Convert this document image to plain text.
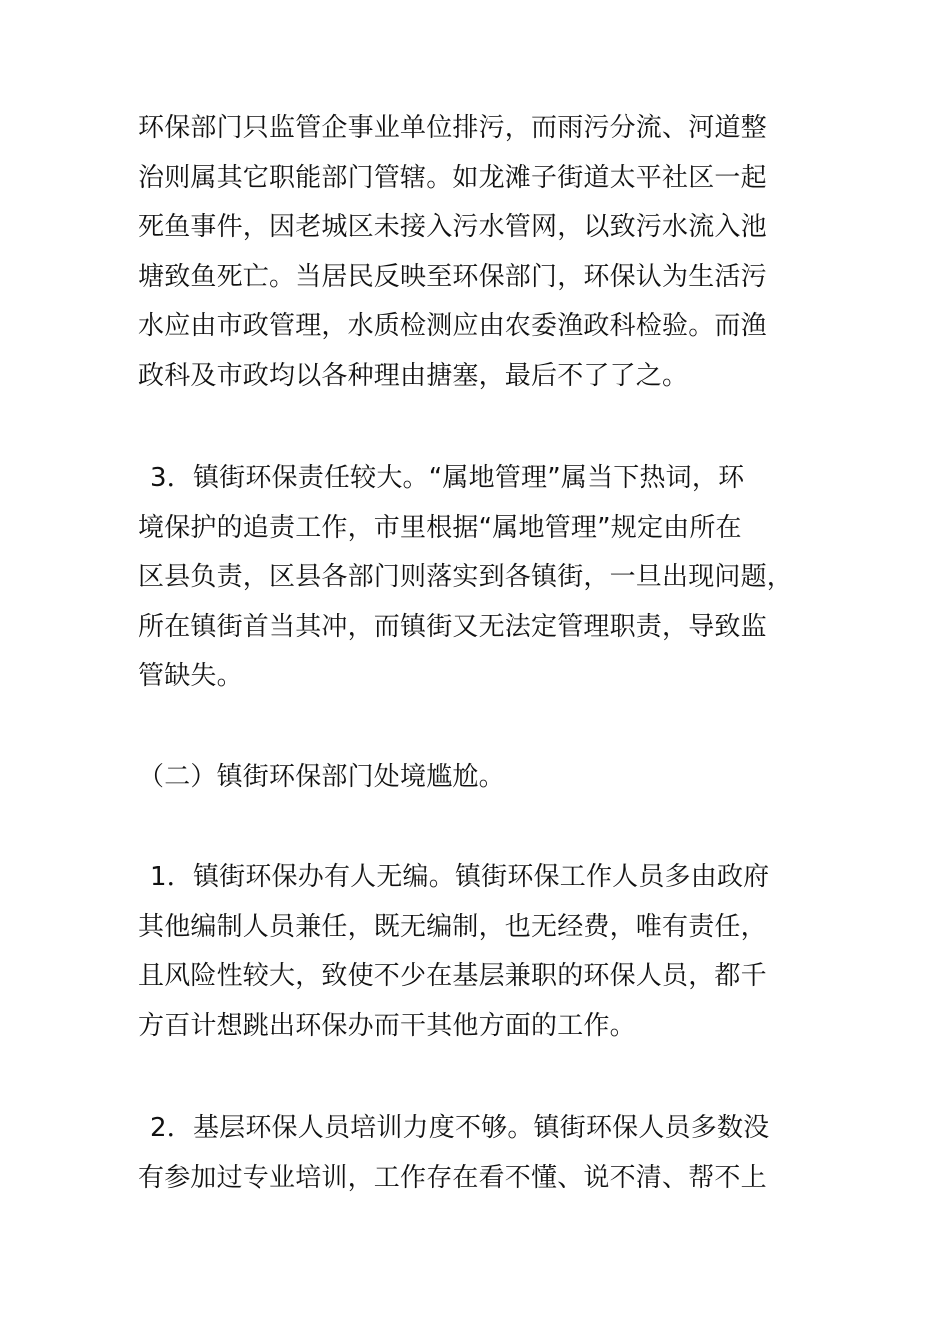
环保部门只监管企事业单位排污，而雨污分流、河道整
治则属其它职能部门管辖。如龙滩子街道太平社区一起
死鱼事件，因老城区未接入污水管网，以致污水流入池
塘致鱼死亡。当居民反映至环保部门，环保认为生活污
水应由市政管理，水质检测应由农委渔政科检验。而渔
政科及市政均以各种理由搪塞，最后不了了之。
3．镇街环保责任较大。“属地管理”属当下热词，环
境保护的追责工作，市里根据“属地管理”规定由所在
区县负责，区县各部门则落实到各镇街，一旦出现问题，
所在镇街首当其冲，而镇街又无法定管理职责，导致监
管缺失。
（二）镇街环保部门处境尴尬。
1．镇街环保办有人无编。镇街环保工作人员多由政府
其他编制人员兼任，既无编制，也无经费，唯有责任，
且风险性较大，致使不少在基层兼职的环保人员，都千
方百计想跳出环保办而干其他方面的工作。
2．基层环保人员培训力度不够。镇街环保人员多数没
有参加过专业培训，工作存在看不懂、说不清、帮不上
